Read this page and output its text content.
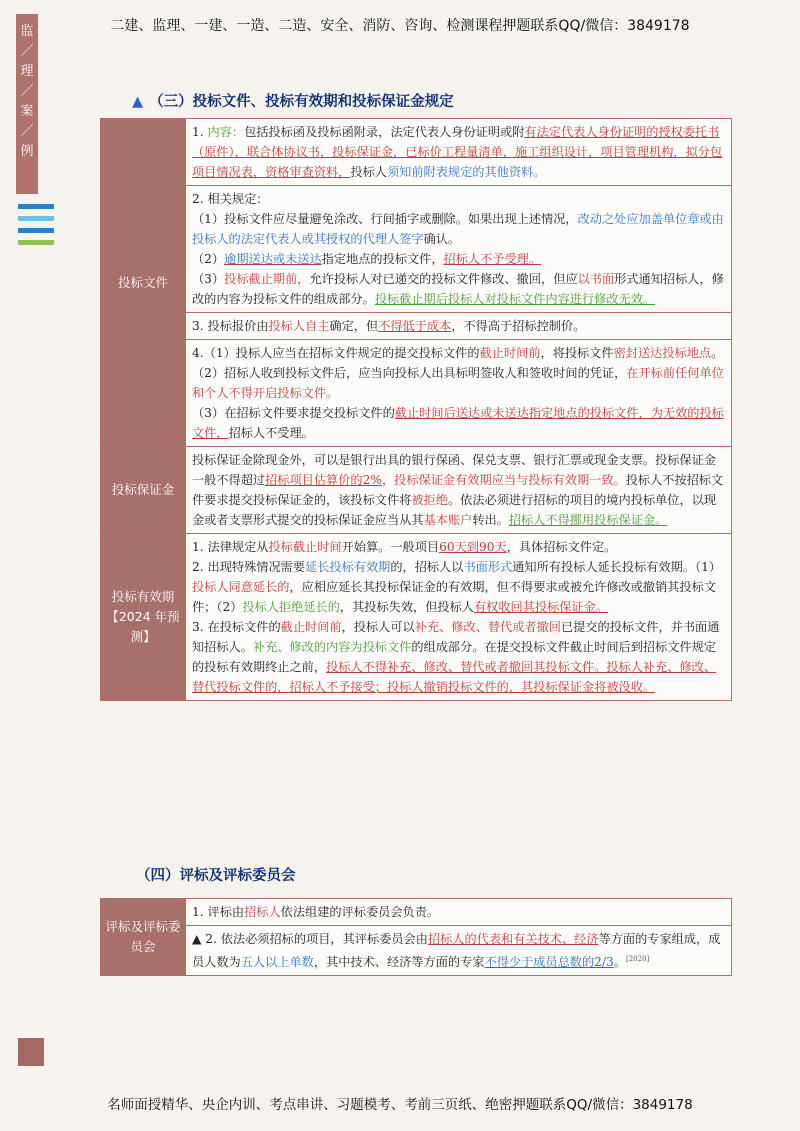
二建、监理、一建、一造、二造、安全、消防、咨询、检测课程押题联系QQ/微信：3849178
监／理／案／例
▲ （三）投标文件、投标有效期和投标保证金规定
投标文件	1. 内容：包括投标函及投标函附录，法定代表人身份证明或附有法定代表人身份证明的授权委托书（原件），联合体协议书，投标保证金，已标价工程量清单，施工组织设计，项目管理机构，拟分包项目情况表，资格审查资料，投标人须知前附表规定的其他资料。

	2. 相关规定：
（1）投标文件应尽量避免涂改、行间插字或删除。如果出现上述情况，改动之处应加盖单位章或由投标人的法定代表人或其授权的代理人签字确认。
（2）逾期送达或未送达指定地点的投标文件，招标人不予受理。
（3）投标截止期前，允许投标人对已递交的投标文件修改、撤回，但应以书面形式通知招标人，修改的内容为投标文件的组成部分。投标截止期后投标人对投标文件内容进行修改无效。

	3. 投标报价由投标人自主确定，但不得低于成本，不得高于招标控制价。

	4.（1）投标人应当在招标文件规定的提交投标文件的截止时间前，将投标文件密封送达投标地点。
（2）招标人收到投标文件后，应当向投标人出具标明签收人和签收时间的凭证，在开标前任何单位和个人不得开启投标文件。
（3）在招标文件要求提交投标文件的截止时间后送达或未送达指定地点的投标文件，为无效的投标文件，招标人不受理。

投标保证金	投标保证金除现金外，可以是银行出具的银行保函、保兑支票、银行汇票或现金支票。投标保证金一般不得超过招标项目估算价的2%，投标保证金有效期应当与投标有效期一致。投标人不按招标文件要求提交投标保证金的，该投标文件将被拒绝。依法必须进行招标的项目的境内投标单位，以现金或者支票形式提交的投标保证金应当从其基本账户转出。招标人不得挪用投标保证金。
投标有效期【2024 年预测】	1. 法律规定从投标截止时间开始算。一般项目60天到90天，具体招标文件定。
2. 出现特殊情况需要延长投标有效期的，招标人以书面形式通知所有投标人延长投标有效期。（1）投标人同意延长的，应相应延长其投标保证金的有效期，但不得要求或被允许修改或撤销其投标文件；（2）投标人拒绝延长的，其投标失效，但投标人有权收回其投标保证金。
3. 在投标文件的截止时间前，投标人可以补充、修改、替代或者撤回已提交的投标文件，并书面通知招标人。补充、修改的内容为投标文件的组成部分。在提交投标文件截止时间后到招标文件规定的投标有效期终止之前，投标人不得补充、修改、替代或者撤回其投标文件。投标人补充、修改、替代投标文件的，招标人不予接受；投标人撤销投标文件的，其投标保证金将被没收。
（四）评标及评标委员会
评标及评标委员会	1. 评标由招标人依法组建的评标委员会负责。
▲ 2. 依法必须招标的项目，其评标委员会由招标人的代表和有关技术、经济等方面的专家组成，成员人数为五人以上单数，其中技术、经济等方面的专家不得少于成员总数的2/3。[2020]
名师面授精华、央企内训、考点串讲、习题模考、考前三页纸、绝密押题联系QQ/微信：3849178
